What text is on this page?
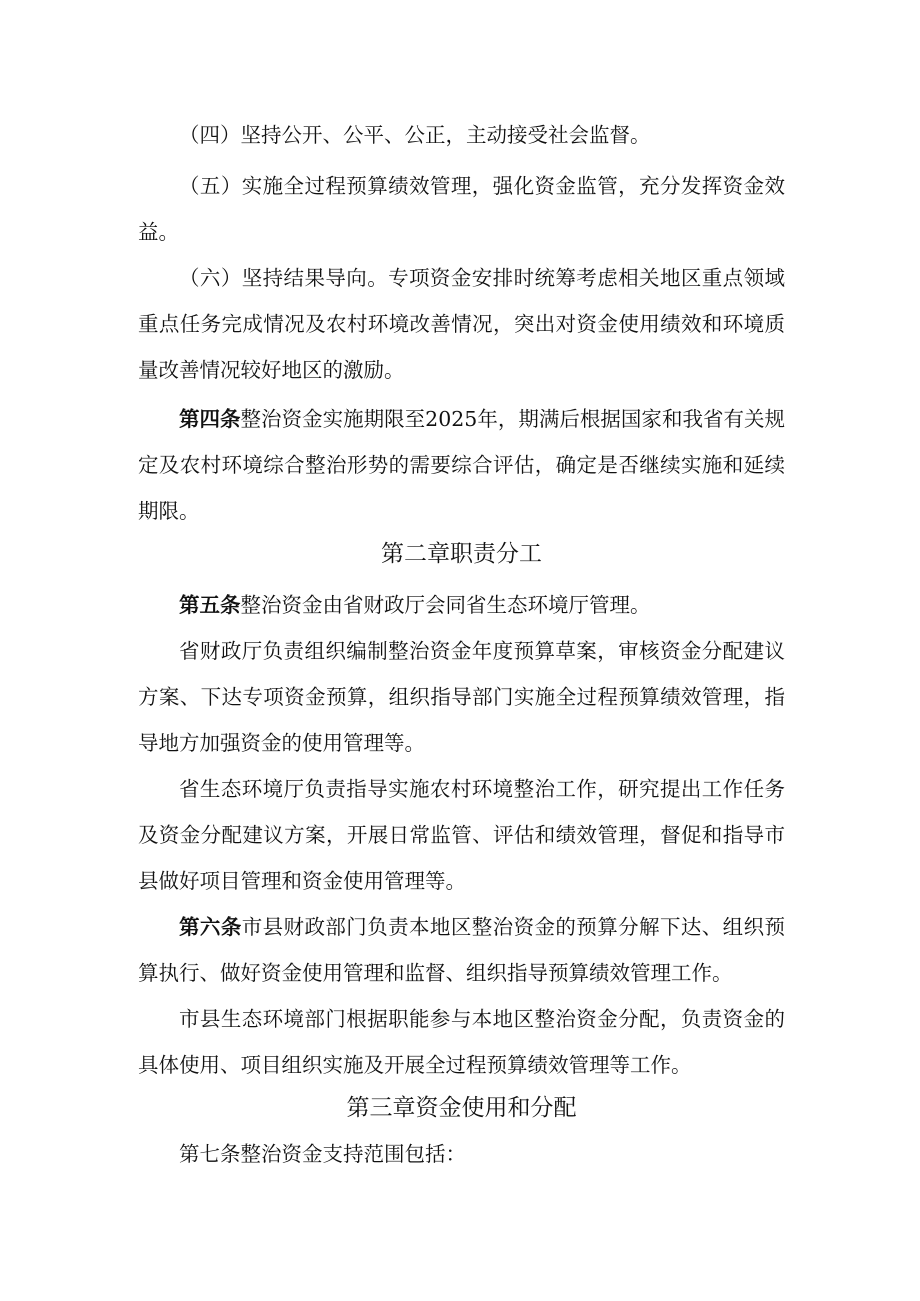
（四）坚持公开、公平、公正，主动接受社会监督。

（五）实施全过程预算绩效管理，强化资金监管，充分发挥资金效益。

（六）坚持结果导向。专项资金安排时统筹考虑相关地区重点领域重点任务完成情况及农村环境改善情况，突出对资金使用绩效和环境质量改善情况较好地区的激励。

第四条整治资金实施期限至2025年，期满后根据国家和我省有关规定及农村环境综合整治形势的需要综合评估，确定是否继续实施和延续期限。

第二章职责分工

第五条整治资金由省财政厅会同省生态环境厅管理。

省财政厅负责组织编制整治资金年度预算草案，审核资金分配建议方案、下达专项资金预算，组织指导部门实施全过程预算绩效管理，指导地方加强资金的使用管理等。

省生态环境厅负责指导实施农村环境整治工作，研究提出工作任务及资金分配建议方案，开展日常监管、评估和绩效管理，督促和指导市县做好项目管理和资金使用管理等。

第六条市县财政部门负责本地区整治资金的预算分解下达、组织预算执行、做好资金使用管理和监督、组织指导预算绩效管理工作。

市县生态环境部门根据职能参与本地区整治资金分配，负责资金的具体使用、项目组织实施及开展全过程预算绩效管理等工作。

第三章资金使用和分配

第七条整治资金支持范围包括：
